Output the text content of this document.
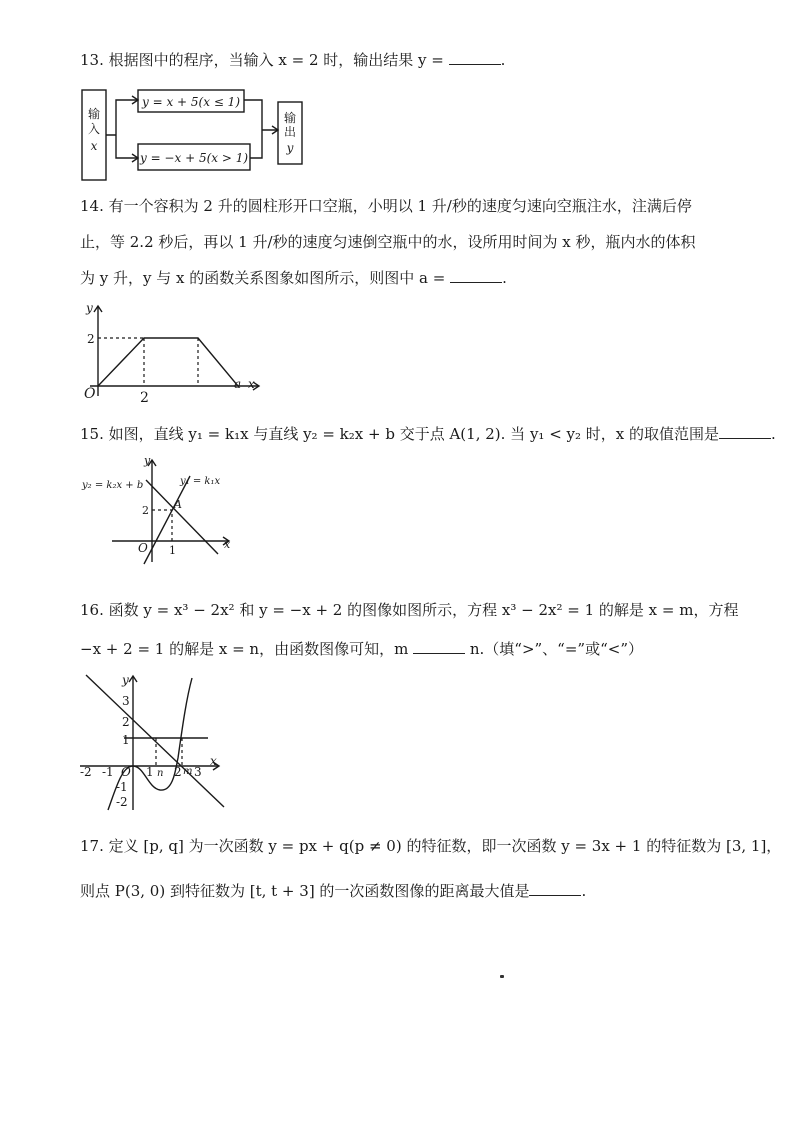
13. 根据图中的程序，当输入 x = 2 时，输出结果 y =	.
输
入
x
y = x + 5(x ≤ 1)
y = −x + 5(x > 1)
输
出
y
14. 有一个容积为 2 升的圆柱形开口空瓶，小明以 1 升/秒的速度匀速向空瓶注水，注满后停
止，等 2.2 秒后，再以 1 升/秒的速度匀速倒空瓶中的水，设所用时间为 x 秒，瓶内水的体积
为 y 升，y 与 x 的函数关系图象如图所示，则图中 a =	.
y
x
O
2
2
a
15. 如图，直线 y₁ = k₁x 与直线 y₂ = k₂x + b 交于点 A(1, 2). 当 y₁ < y₂ 时，x 的取值范围是	.
y
x
O
y₂ = k₂x + b	y₁ = k₁x
A
2
1
16. 函数 y = x³ − 2x² 和 y = −x + 2 的图像如图所示，方程 x³ − 2x² = 1 的解是 x = m，方程
−x + 2 = 1 的解是 x = n，由函数图像可知，m	n.（填“>”、“=”或“<”）
y
x
O
3
2
1
-1
-2
-2 -1	1 2 3
n m
17. 定义 [p, q] 为一次函数 y = px + q(p ≠ 0) 的特征数，即一次函数 y = 3x + 1 的特征数为 [3, 1]，
则点 P(3, 0) 到特征数为 [t, t + 3] 的一次函数图像的距离最大值是	.
